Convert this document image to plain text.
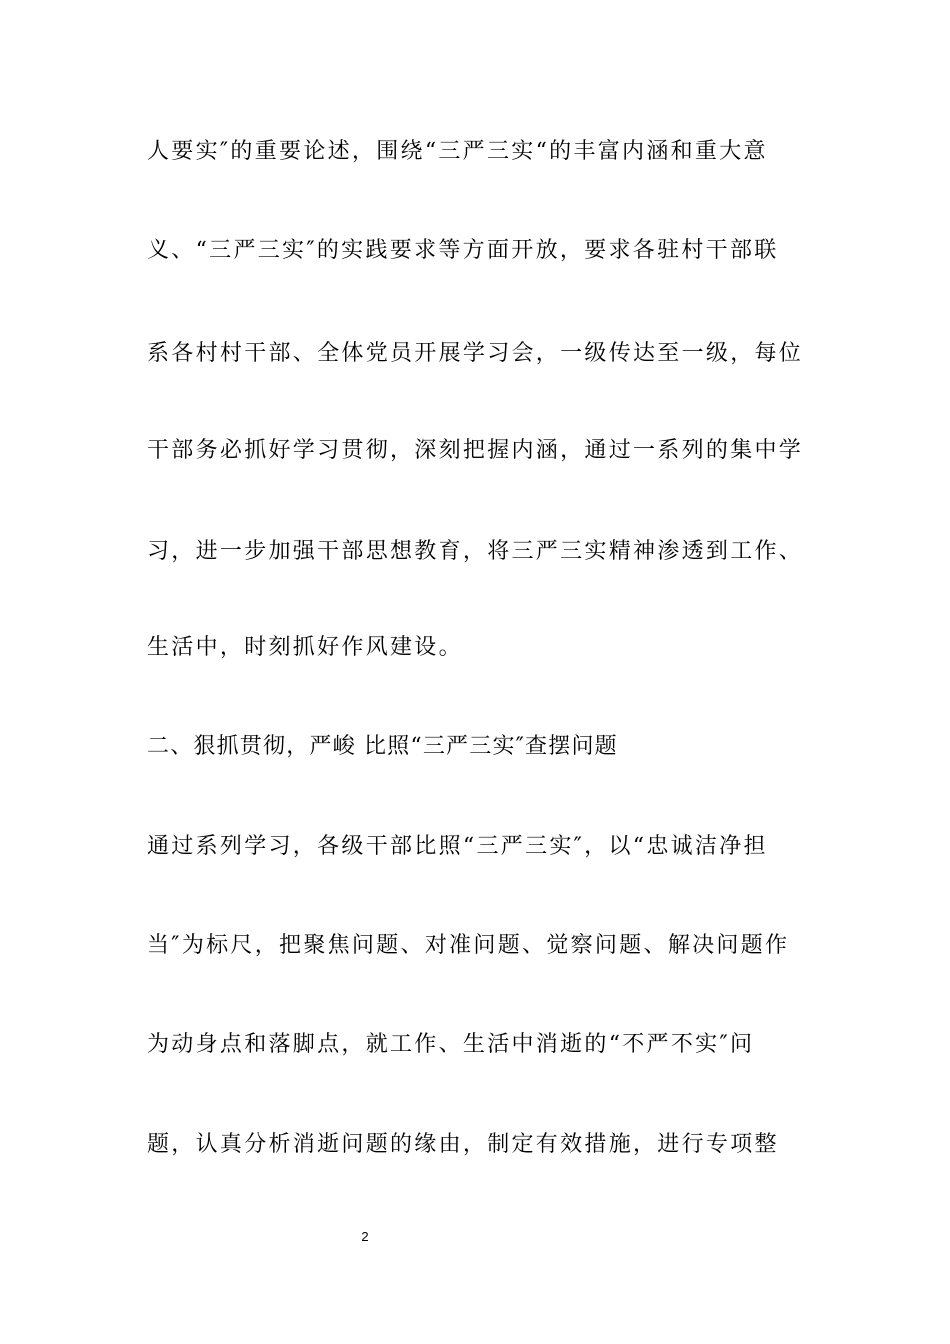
人要实″的重要论述，围绕“三严三实“的丰富内涵和重大意
义、“三严三实″的实践要求等方面开放，要求各驻村干部联
系各村村干部、全体党员开展学习会，一级传达至一级，每位
干部务必抓好学习贯彻，深刻把握内涵，通过一系列的集中学
习，进一步加强干部思想教育，将三严三实精神渗透到工作、
生活中，时刻抓好作风建设。
二、狠抓贯彻，严峻 比照“三严三实″查摆问题
通过系列学习，各级干部比照“三严三实″，以“忠诚洁净担
当″为标尺，把聚焦问题、对准问题、觉察问题、解决问题作
为动身点和落脚点，就工作、生活中消逝的“不严不实″问
题，认真分析消逝问题的缘由，制定有效措施，进行专项整
2
